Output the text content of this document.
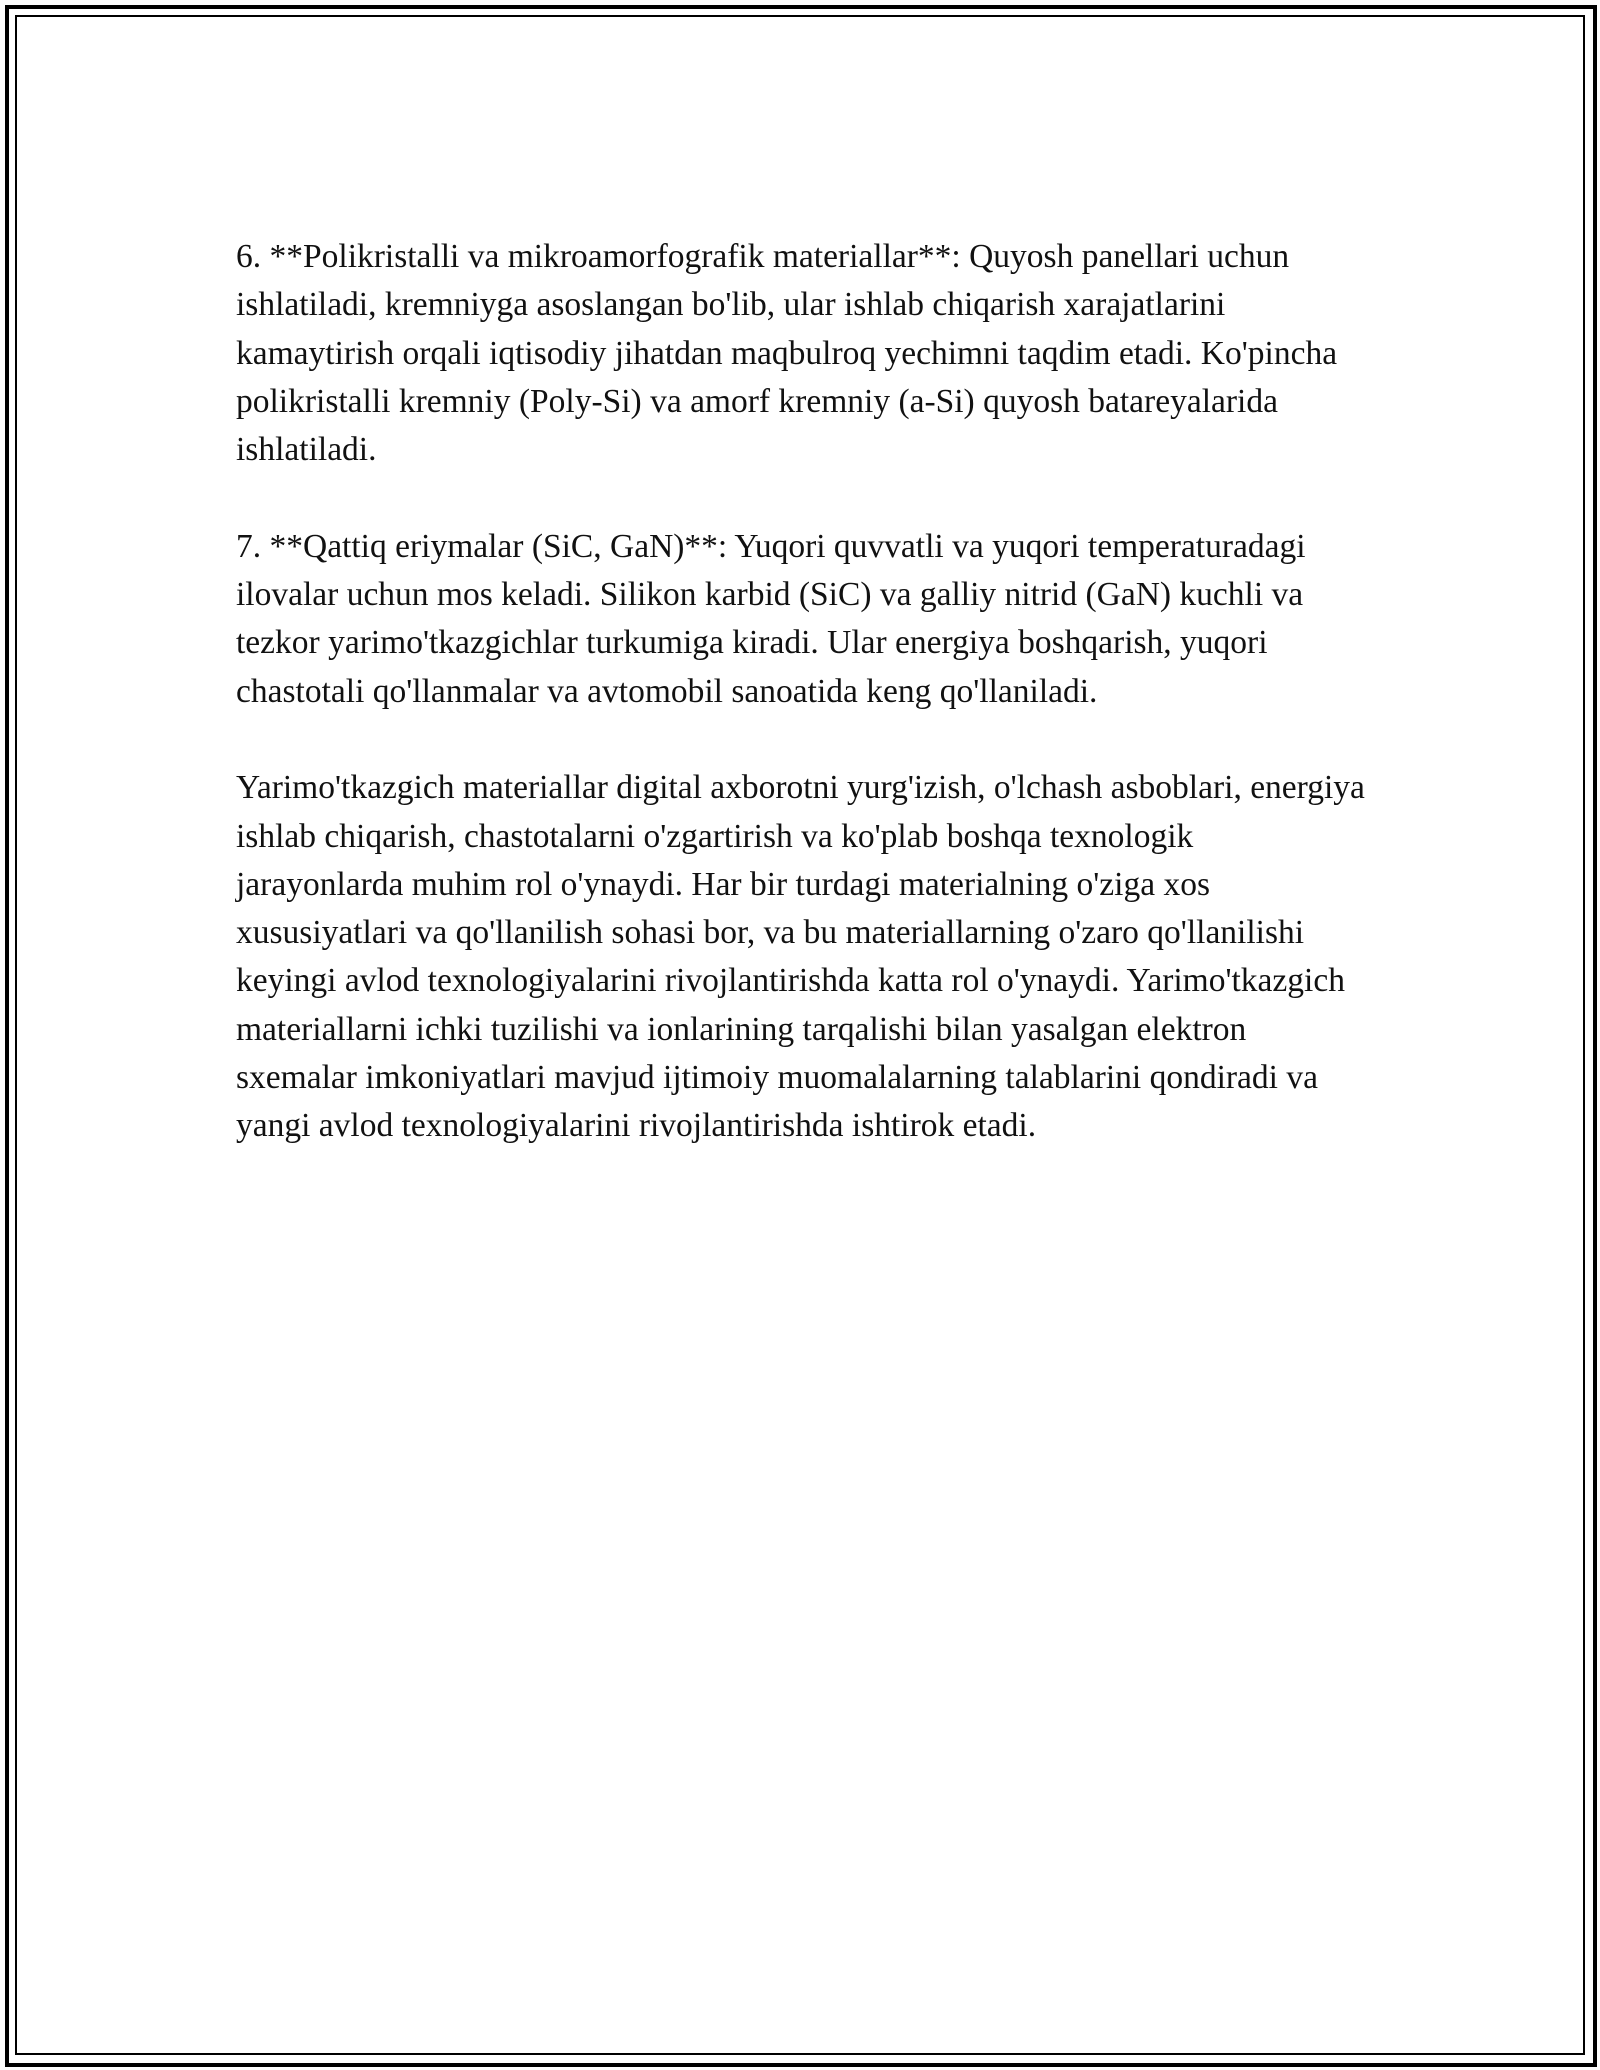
6. **Polikristalli va mikroamorfografik materiallar**: Quyosh panellari uchun ishlatiladi, kremniyga asoslangan bo'lib, ular ishlab chiqarish xarajatlarini kamaytirish orqali iqtisodiy jihatdan maqbulroq yechimni taqdim etadi. Ko'pincha polikristalli kremniy (Poly-Si) va amorf kremniy (a-Si) quyosh batareyalarida ishlatiladi.

7. **Qattiq eriymalar (SiC, GaN)**: Yuqori quvvatli va yuqori temperaturadagi ilovalar uchun mos keladi. Silikon karbid (SiC) va galliy nitrid (GaN) kuchli va tezkor yarimo'tkazgichlar turkumiga kiradi. Ular energiya boshqarish, yuqori chastotali qo'llanmalar va avtomobil sanoatida keng qo'llaniladi.

Yarimo'tkazgich materiallar digital axborotni yurg'izish, o'lchash asboblari, energiya ishlab chiqarish, chastotalarni o'zgartirish va ko'plab boshqa texnologik jarayonlarda muhim rol o'ynaydi. Har bir turdagi materialning o'ziga xos xususiyatlari va qo'llanilish sohasi bor, va bu materiallarning o'zaro qo'llanilishi keyingi avlod texnologiyalarini rivojlantirishda katta rol o'ynaydi. Yarimo'tkazgich materiallarni ichki tuzilishi va ionlarining tarqalishi bilan yasalgan elektron sxemalar imkoniyatlari mavjud ijtimoiy muomalalarning talablarini qondiradi va yangi avlod texnologiyalarini rivojlantirishda ishtirok etadi.
